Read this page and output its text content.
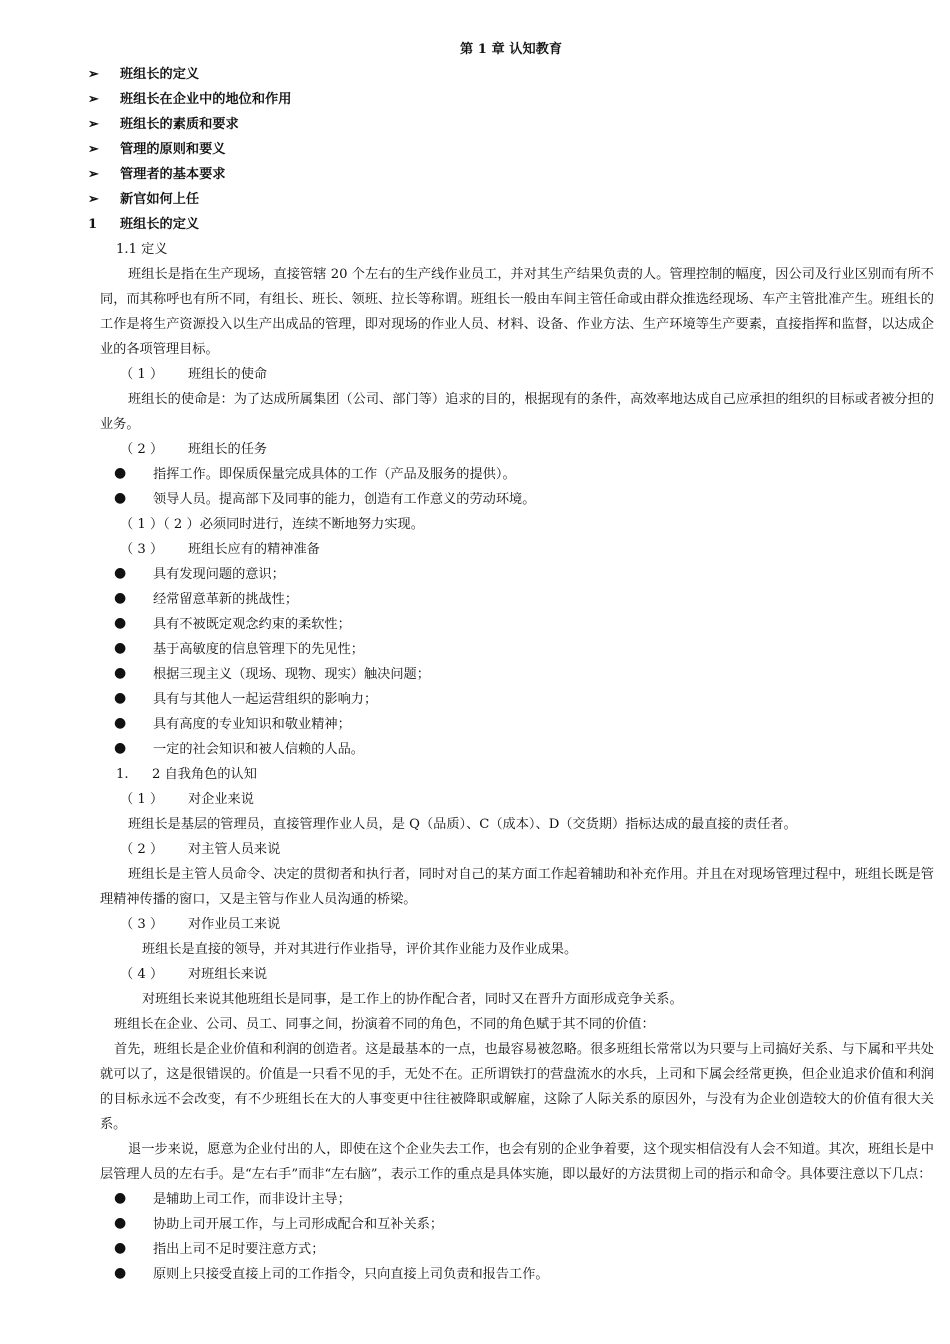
第 1 章 认知教育
➢ 班组长的定义
➢ 班组长在企业中的地位和作用
➢ 班组长的素质和要求
➢ 管理的原则和要义
➢ 管理者的基本要求
➢ 新官如何上任
1 班组长的定义
1.1 定义
班组长是指在生产现场，直接管辖 20 个左右的生产线作业员工，并对其生产结果负责的人。管理控制的幅度，因公司及行业区别而有所不同，而其称呼也有所不同，有组长、班长、领班、拉长等称谓。班组长一般由车间主管任命或由群众推选经现场、车产主管批准产生。班组长的工作是将生产资源投入以生产出成品的管理，即对现场的作业人员、材料、设备、作业方法、生产环境等生产要素，直接指挥和监督，以达成企业的各项管理目标。
（ 1 ） 班组长的使命
班组长的使命是：为了达成所属集团（公司、部门等）追求的目的，根据现有的条件，高效率地达成自己应承担的组织的目标或者被分担的业务。
（ 2 ） 班组长的任务
● 指挥工作。即保质保量完成具体的工作（产品及服务的提供）。
● 领导人员。提高部下及同事的能力，创造有工作意义的劳动环境。
（ 1 ）（ 2 ）必须同时进行，连续不断地努力实现。
（ 3 ） 班组长应有的精神准备
● 具有发现问题的意识；
● 经常留意革新的挑战性；
● 具有不被既定观念约束的柔软性；
● 基于高敏度的信息管理下的先见性；
● 根据三现主义（现场、现物、现实）触决问题；
● 具有与其他人一起运营组织的影响力；
● 具有高度的专业知识和敬业精神；
● 一定的社会知识和被人信赖的人品。
1. 2 自我角色的认知
（ 1 ） 对企业来说
班组长是基层的管理员，直接管理作业人员，是 Q（品质）、C（成本）、D（交货期）指标达成的最直接的责任者。
（ 2 ） 对主管人员来说
班组长是主管人员命令、决定的贯彻者和执行者，同时对自己的某方面工作起着辅助和补充作用。并且在对现场管理过程中，班组长既是管理精神传播的窗口，又是主管与作业人员沟通的桥梁。
（ 3 ） 对作业员工来说
班组长是直接的领导，并对其进行作业指导，评价其作业能力及作业成果。
（ 4 ） 对班组长来说
对班组长来说其他班组长是同事，是工作上的协作配合者，同时又在晋升方面形成竞争关系。
班组长在企业、公司、员工、同事之间，扮演着不同的角色，不同的角色赋于其不同的价值：
首先，班组长是企业价值和利润的创造者。这是最基本的一点，也最容易被忽略。很多班组长常常以为只要与上司搞好关系、与下属和平共处就可以了，这是很错误的。价值是一只看不见的手，无处不在。正所谓铁打的营盘流水的水兵，上司和下属会经常更换，但企业追求价值和利润的目标永远不会改变，有不少班组长在大的人事变更中往往被降职或解雇，这除了人际关系的原因外，与没有为企业创造较大的价值有很大关系。
退一步来说，愿意为企业付出的人，即使在这个企业失去工作，也会有别的企业争着要，这个现实相信没有人会不知道。其次，班组长是中层管理人员的左右手。是“左右手”而非“左右脑”，表示工作的重点是具体实施，即以最好的方法贯彻上司的指示和命令。具体要注意以下几点：
● 是辅助上司工作，而非设计主导；
● 协助上司开展工作，与上司形成配合和互补关系；
● 指出上司不足时要注意方式；
● 原则上只接受直接上司的工作指令，只向直接上司负责和报告工作。
